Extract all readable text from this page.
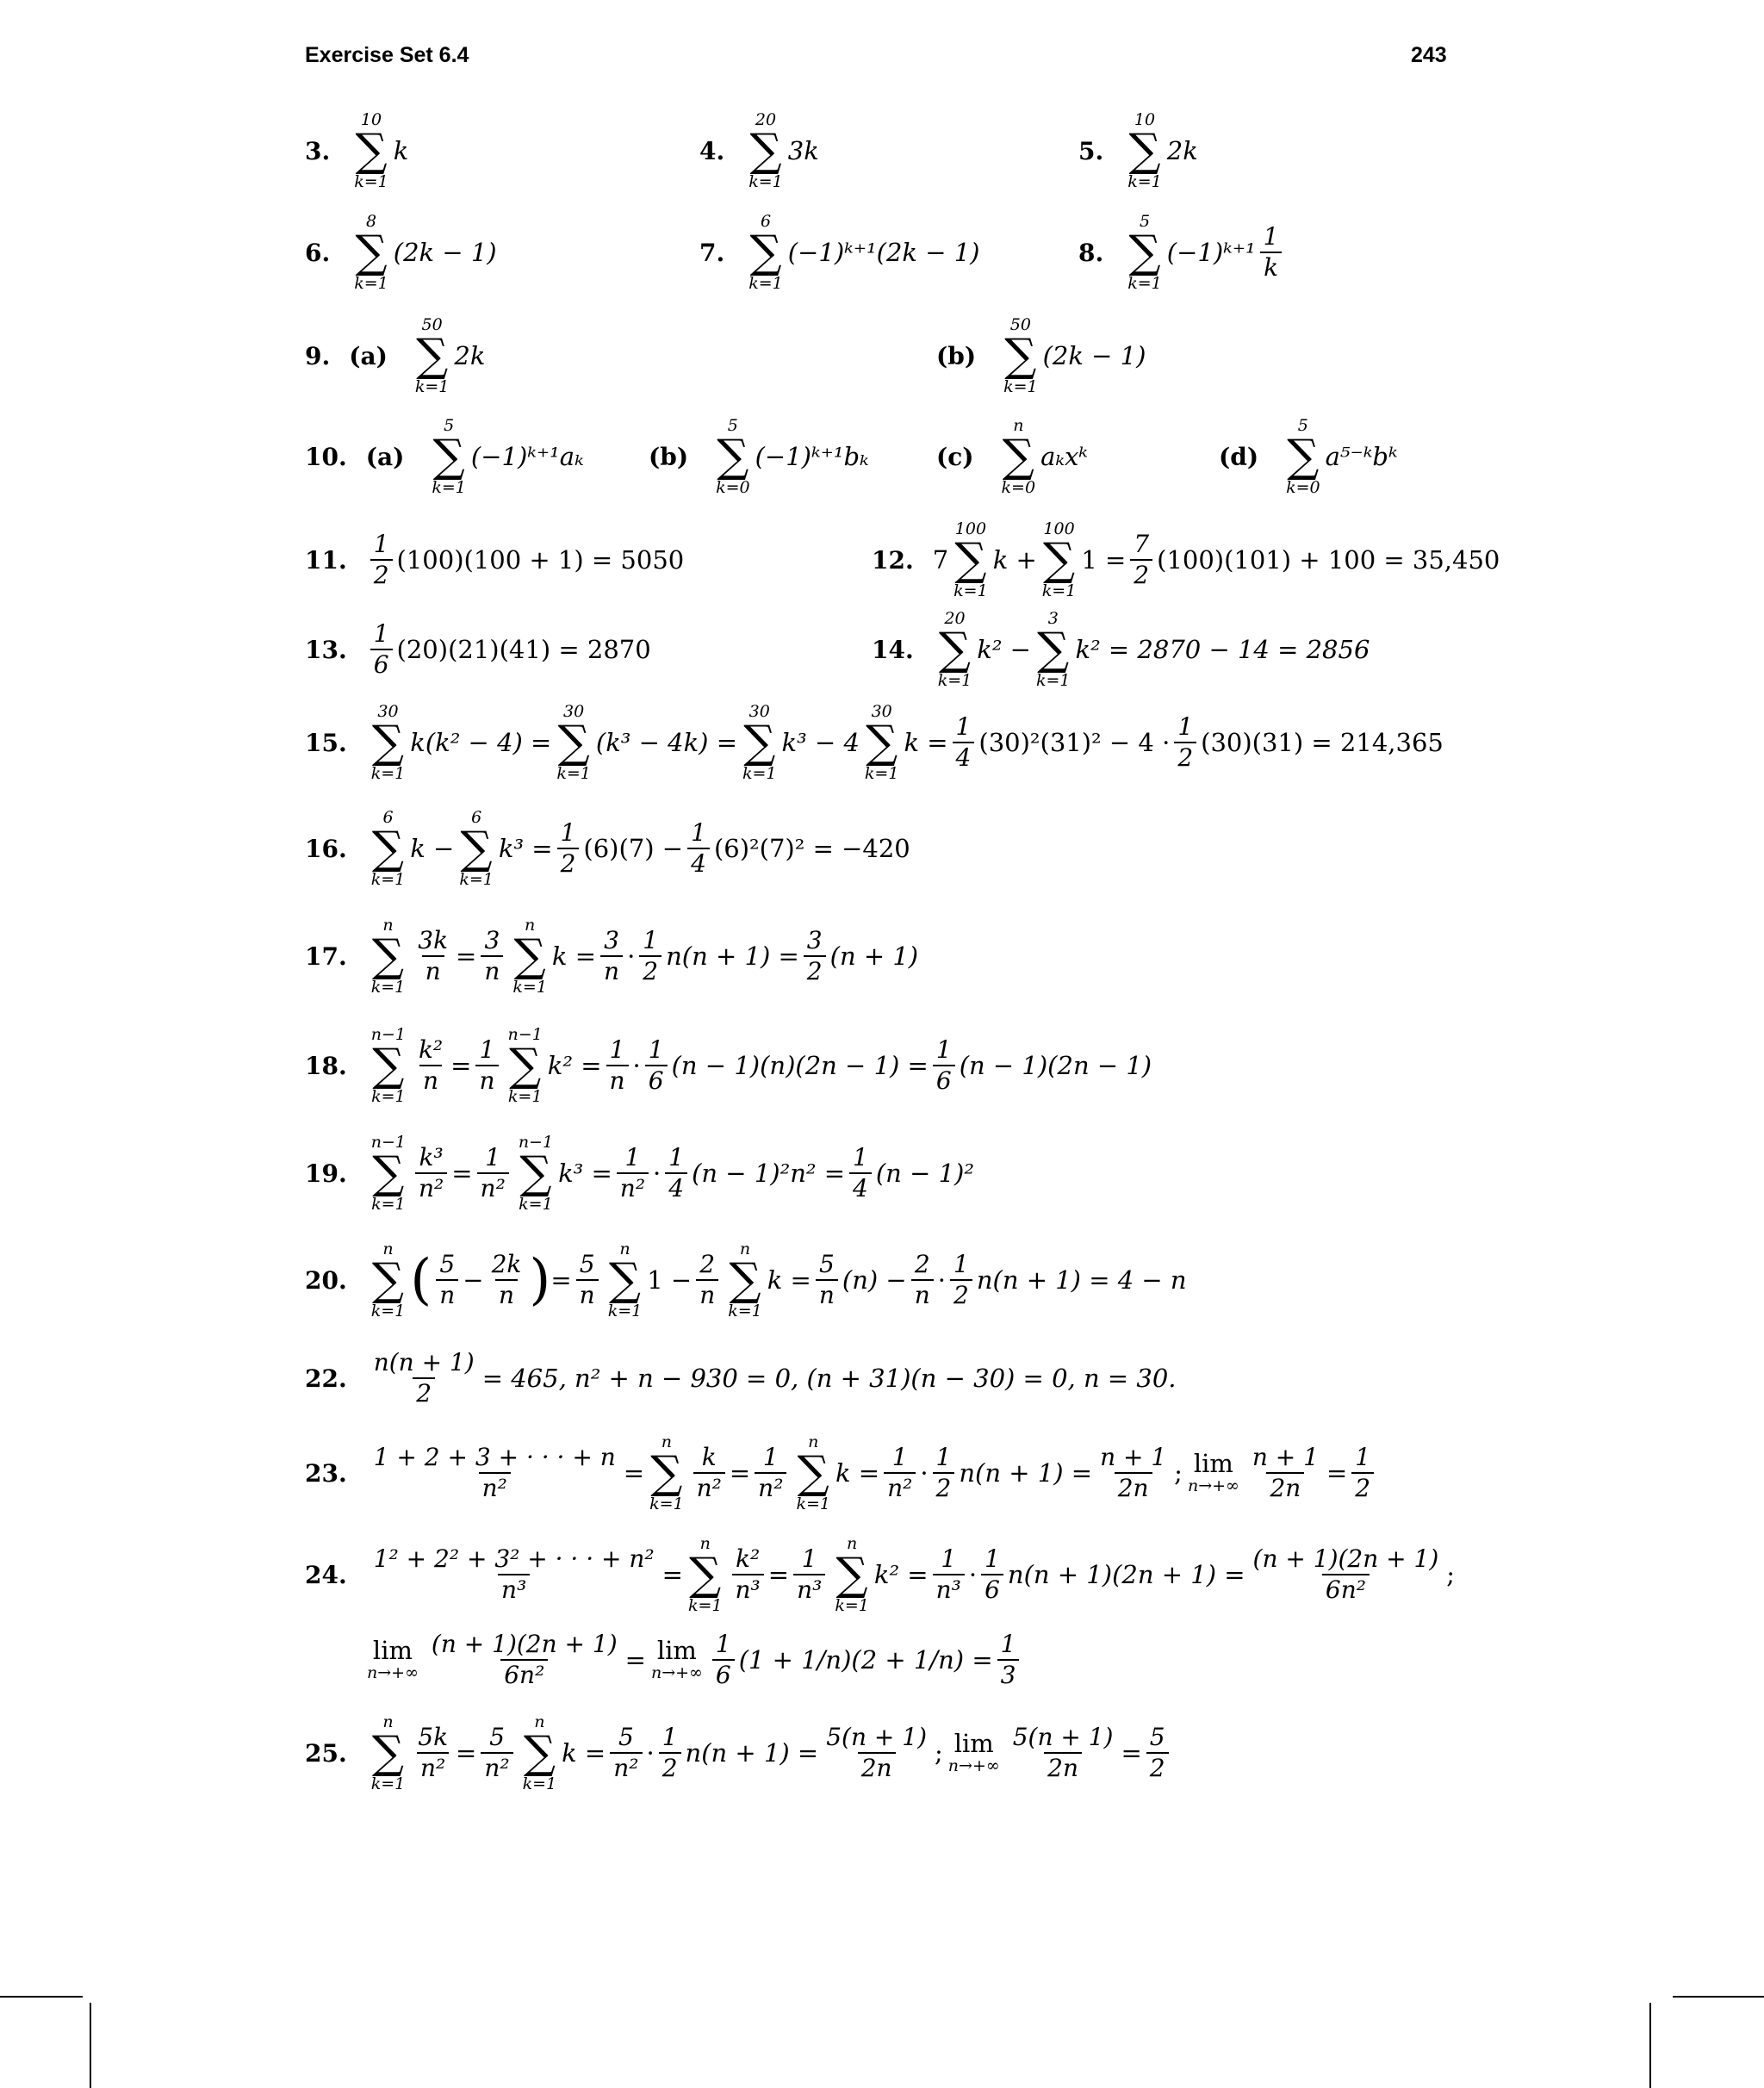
Exercise Set 6.4	243
3.
10
∑
k=1
k	4.
20
∑
k=1
3k	5.
10
∑
k=1
2k
6.
8
∑
k=1
(2k − 1)	7.
6
∑
k=1
(−1)ᵏ⁺¹(2k − 1)	8.
5
∑
k=1
(−1)ᵏ⁺¹ $\frac{1}{k}$
9. (a)
50
∑
k=1
2k	(b)
50
∑
k=1
(2k − 1)
10. (a)
5
∑
k=1
(−1)ᵏ⁺¹aₖ	(b)
5
∑
k=0
(−1)ᵏ⁺¹bₖ	(c)
n
∑
k=0
aₖxᵏ	(d)
5
∑
k=0
a⁵⁻ᵏbᵏ
11. $\frac{1}{2} (100)(100 + 1) = 5050$	12. 7
100
∑
k=1
k +
100
∑
k=1
$1 = \frac{7}{2} (100)(101) + 100 = 35,450$
13. $\frac{1}{6} (20)(21)(41) = 2870$	14.
20
∑
k=1
k² −
3
∑
k=1
k² = 2870 − 14 = 2856
15.
30
∑
k=1
k(k² − 4) =
30
∑
k=1
(k³ − 4k) =
30
∑
k=1
k³ − 4
30
∑
k=1
$k = \frac{1}{4} (30)^2(31)^2 - 4 \cdot \frac{1}{2} (30)(31) = 214,365$
16.
6
∑
k=1
k −
6
∑
k=1
$k^3 = \frac{1}{2} (6)(7) - \frac{1}{4} (6)^2(7)^2 = -420$
17.
n
∑
k=1
$\frac{3k}{n} = \frac{3}{n}$
n
∑
k=1
$k = \frac{3}{n} \cdot \frac{1}{2} n(n + 1) = \frac{3}{2} (n + 1)$
18.
n−1
∑
k=1
$\frac{\text{k²}}{n} = \frac{1}{n}$
n−1
∑
k=1
$k^2 = \frac{1}{n} \cdot \frac{1}{6} (n - 1)(n)(2n - 1) = \frac{1}{6} (n - 1)(2n - 1)$
19.
n−1
∑
k=1
$\frac{\text{k³}}{\text{n²}} = \frac{1}{\text{n²}}$
n−1
∑
k=1
$k^3 = \frac{1}{\text{n²}} \cdot \frac{1}{4} (n - 1)^2n^2 = \frac{1}{4} (n - 1)^2$
20.
n
∑
k=1 ( $\frac{5}{n} - \frac{2k}{n}$ ) = $\frac{5}{n}$
n
∑
k=1
$1 - \frac{2}{n}$
n
∑
k=1
$k = \frac{5}{n} (n) - \frac{2}{n} \cdot \frac{1}{2} n(n + 1) = 4 - n$
22. $\frac{n(n + 1)}{2} = 465$, n² + n − 930 = 0, (n + 31)(n − 30) = 0, n = 30.
23. $\frac{1 + 2 + 3 + \cdot \cdot \cdot + n}{\text{n²}}$ =
n
∑
k=1
$\frac{k}{\text{n²}} = \frac{1}{\text{n²}}$
n
∑
k=1
$k = \frac{1}{\text{n²}} \cdot \frac{1}{2} n(n + 1) = \frac{n + 1}{2n}$ ; lim
$n\to+\infty \frac{n + 1}{2n} = \frac{1}{2}$
24. $\frac{\text{1² + 2² + 3² + · · · + n²}}{\text{n³}}$ =
n
∑
k=1
$\frac{\text{k²}}{\text{n³}} = \frac{1}{\text{n³}}$
n
∑
k=1
$k^2 = \frac{1}{\text{n³}} \cdot \frac{1}{6} n(n + 1)(2n + 1) = \frac{(n + 1)(2n + 1)}{\text{6n²}}$ ;
lim
$n\to+\infty \frac{(n + 1)(2n + 1)}{\text{6n²}} = \lim$
$n\to+\infty \frac{1}{6} (1 + 1/n)(2 + 1/n) = \frac{1}{3}$
25.
n
∑
k=1
$\frac{5k}{\text{n²}} = \frac{5}{\text{n²}}$
n
∑
k=1
$k = \frac{5}{\text{n²}} \cdot \frac{1}{2} n(n + 1) = \frac{5(n + 1)}{2n}$ ; lim
$n\to+\infty \frac{5(n + 1)}{2n} = \frac{5}{2}$
